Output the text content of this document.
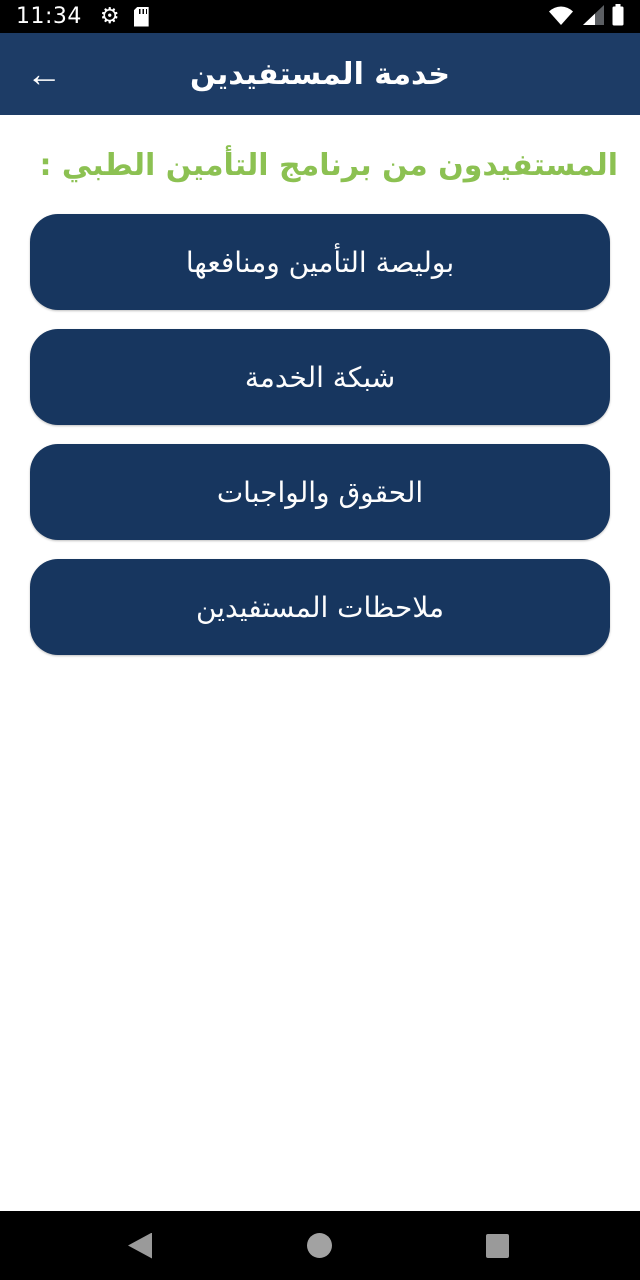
11:34 ⚙
←	خدمة المستفيدين
المستفيدون من برنامج التأمين الطبي :
بوليصة التأمين ومنافعها
شبكة الخدمة
الحقوق والواجبات
ملاحظات المستفيدين
